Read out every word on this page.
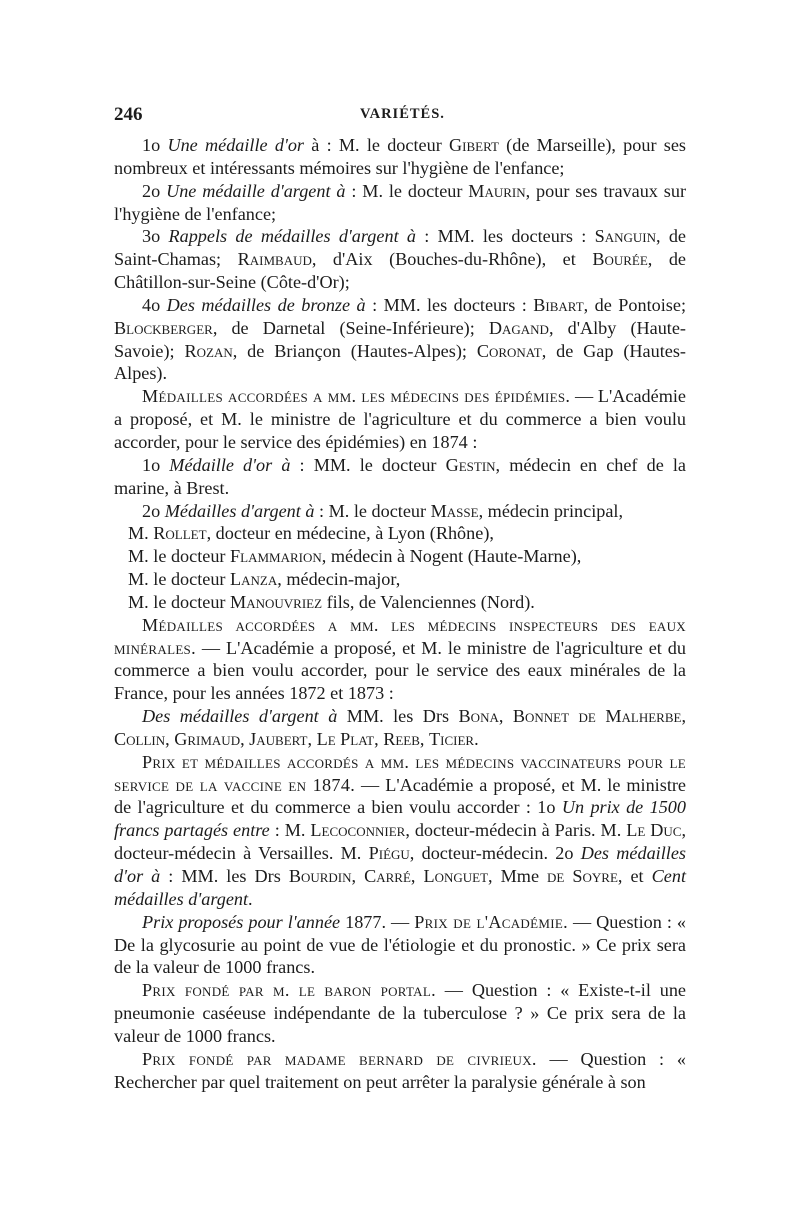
246	VARIÉTÉS.

1o Une médaille d'or à : M. le docteur Gibert (de Marseille), pour ses nombreux et intéressants mémoires sur l'hygiène de l'enfance;

2o Une médaille d'argent à : M. le docteur Maurin, pour ses travaux sur l'hygiène de l'enfance;

3o Rappels de médailles d'argent à : MM. les docteurs : Sanguin, de Saint-Chamas; Raimbaud, d'Aix (Bouches-du-Rhône), et Bourée, de Châtillon-sur-Seine (Côte-d'Or);

4o Des médailles de bronze à : MM. les docteurs : Bibart, de Pontoise; Blockberger, de Darnetal (Seine-Inférieure); Dagand, d'Alby (Haute-Savoie); Rozan, de Briançon (Hautes-Alpes); Coronat, de Gap (Hautes-Alpes).

Médailles accordées a mm. les médecins des épidémies. — L'Académie a proposé, et M. le ministre de l'agriculture et du commerce a bien voulu accorder, pour le service des épidémies) en 1874 :

1o Médaille d'or à : MM. le docteur Gestin, médecin en chef de la marine, à Brest.

2o Médailles d'argent à : M. le docteur Masse, médecin principal,

M. Rollet, docteur en médecine, à Lyon (Rhône),

M. le docteur Flammarion, médecin à Nogent (Haute-Marne),

M. le docteur Lanza, médecin-major,

M. le docteur Manouvriez fils, de Valenciennes (Nord).

Médailles accordées a mm. les médecins inspecteurs des eaux minérales. — L'Académie a proposé, et M. le ministre de l'agriculture et du commerce a bien voulu accorder, pour le service des eaux minérales de la France, pour les années 1872 et 1873 :

Des médailles d'argent à MM. les Drs Bona, Bonnet de Malherbe, Collin, Grimaud, Jaubert, Le Plat, Reeb, Ticier.

Prix et médailles accordés a mm. les médecins vaccinateurs pour le service de la vaccine en 1874. — L'Académie a proposé, et M. le ministre de l'agriculture et du commerce a bien voulu accorder : 1o Un prix de 1500 francs partagés entre : M. Lecoconnier, docteur-médecin à Paris. M. Le Duc, docteur-médecin à Versailles. M. Piégu, docteur-médecin. 2o Des médailles d'or à : MM. les Drs Bourdin, Carré, Longuet, Mme de Soyre, et Cent médailles d'argent.

Prix proposés pour l'année 1877. — Prix de l'Académie. — Question : « De la glycosurie au point de vue de l'étiologie et du pronostic. » Ce prix sera de la valeur de 1000 francs.

Prix fondé par m. le baron portal. — Question : « Existe-t-il une pneumonie caséeuse indépendante de la tuberculose ? » Ce prix sera de la valeur de 1000 francs.

Prix fondé par madame bernard de civrieux. — Question : « Rechercher par quel traitement on peut arrêter la paralysie générale à son
